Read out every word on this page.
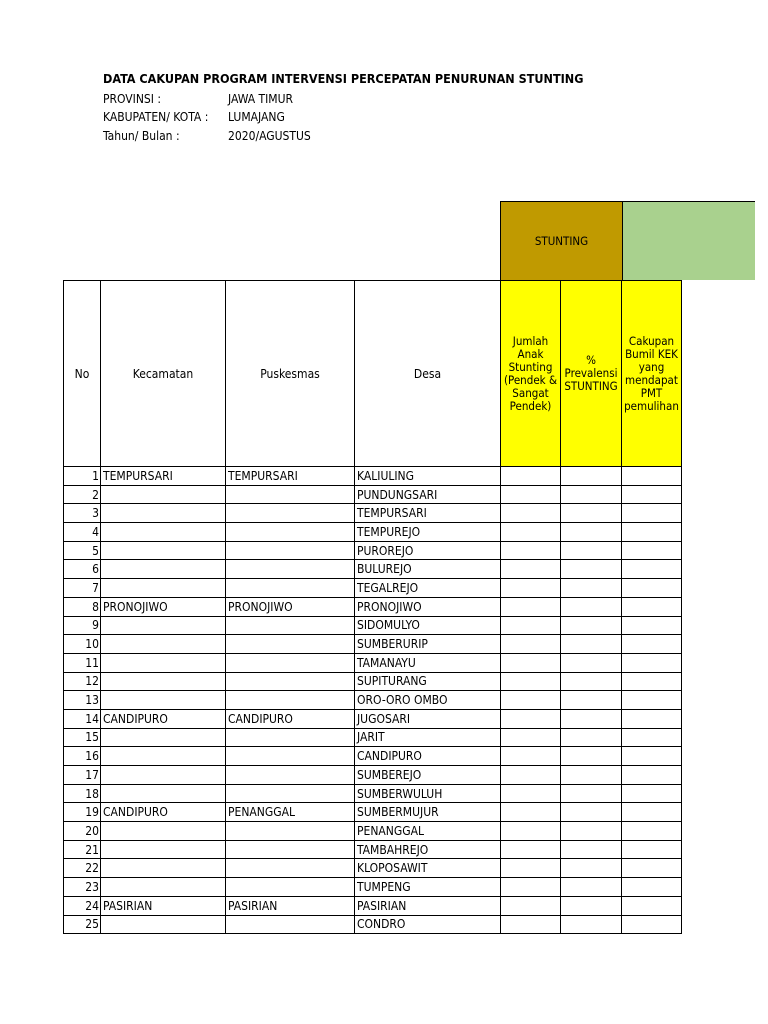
DATA CAKUPAN PROGRAM INTERVENSI PERCEPATAN PENURUNAN STUNTING
PROVINSI :	JAWA TIMUR
KABUPATEN/ KOTA : LUMAJANG
Tahun/ Bulan :	2020/AGUSTUS
STUNTING
No	Kecamatan	Puskesmas	Desa	Jumlah Anak Stunting (Pendek & Sangat Pendek)	% Prevalensi STUNTING	Cakupan Bumil KEK yang mendapat PMT pemulihan
1	TEMPURSARI	TEMPURSARI	KALIULING			
2			PUNDUNGSARI			
3			TEMPURSARI			
4			TEMPUREJO			
5			PUROREJO			
6			BULUREJO			
7			TEGALREJO			
8	PRONOJIWO	PRONOJIWO	PRONOJIWO			
9			SIDOMULYO			
10			SUMBERURIP			
11			TAMANAYU			
12			SUPITURANG			
13			ORO-ORO OMBO			
14	CANDIPURO	CANDIPURO	JUGOSARI			
15			JARIT			
16			CANDIPURO			
17			SUMBEREJO			
18			SUMBERWULUH			
19	CANDIPURO	PENANGGAL	SUMBERMUJUR			
20			PENANGGAL			
21			TAMBAHREJO			
22			KLOPOSAWIT			
23			TUMPENG			
24	PASIRIAN	PASIRIAN	PASIRIAN			
25			CONDRO			
